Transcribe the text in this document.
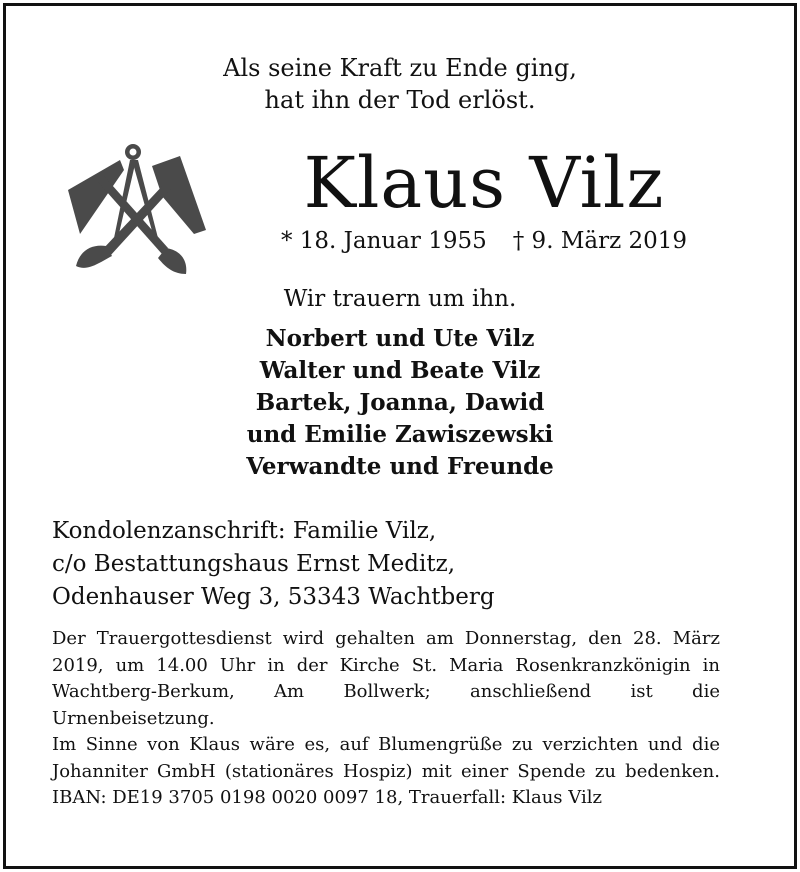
Als seine Kraft zu Ende ging,
hat ihn der Tod erlöst.
Klaus Vilz
* 18. Januar 1955 † 9. März 2019
Wir trauern um ihn.
Norbert und Ute Vilz
Walter und Beate Vilz
Bartek, Joanna, Dawid
und Emilie Zawiszewski
Verwandte und Freunde
Kondolenzanschrift: Familie Vilz,
c/o Bestattungshaus Ernst Meditz,
Odenhauser Weg 3, 53343 Wachtberg

Der Trauergottesdienst wird gehalten am Donnerstag, den 28. März 2019, um 14.00 Uhr in der Kirche St. Maria Rosenkranzkönigin in Wachtberg-Berkum, Am Bollwerk; anschließend ist die Urnenbeisetzung.

Im Sinne von Klaus wäre es, auf Blumengrüße zu verzichten und die Johanniter GmbH (stationäres Hospiz) mit einer Spende zu bedenken. IBAN: DE19 3705 0198 0020 0097 18, Trauerfall: Klaus Vilz
